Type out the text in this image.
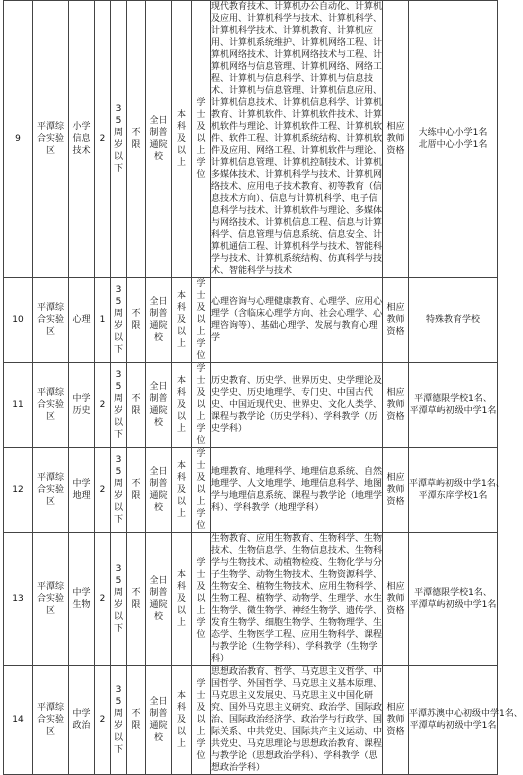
9	平潭综合实验区	小学信息技术	2	35周岁以下	不限	全日制普通院校	本科及以上	学士及以上学位	现代教育技术、计算机办公自动化、计算机及应用、计算机科学与技术、计算机科学、计算机科学技术、计算机教育、计算机应用、计算机系统维护、计算机网络工程、计算机网络技术、计算机网络技术与工程、计算机网络与信息管理、计算机网络、网络工程、计算机与信息科学、计算机与信息技术、计算机与信息管理、计算机信息应用、计算机信息技术、计算机信息科学、计算机教育、计算机软件、计算机软件技术、计算机软件与理论、计算机软件工程、计算机软件、软件工程、计算机系统结构、计算机软件及应用、网络工程、计算机软件与理论、计算机信息管理、计算机控制技术、计算机多媒体技术、计算机科学与技术、计算机网络技术、应用电子技术教育、初等教育（信息技术方向）、信息与计算机科学、电子信息科学与技术、计算机软件与理论、多媒体与网络技术、计算机信息工程、信息与计算科学、信息管理与信息系统、信息安全、计算机通信工程、计算机科学与技术、智能科学与技术、计算机系统结构、仿真科学与技术、智能科学与技术	相应教师资格	大练中心小学1名
北厝中心小学1名

10	平潭综合实验区	心理	1	35周岁以下	不限	全日制普通院校	本科及以上	学士及以上学位	心理咨询与心理健康教育、心理学、应用心理学（含临床心理学方向、社会心理学、心理咨询等）、基础心理学、发展与教育心理学	相应教师资格	特殊教育学校

11	平潭综合实验区	中学历史	2	35周岁以下	不限	全日制普通院校	本科及以上	学士及以上学位	历史教育、历史学、世界历史、史学理论及史学史、历史地理学、专门史、中国古代史、中国近现代史、世界史、文化人类学、课程与教学论（历史学科）、学科教学（历史学科）	相应教师资格	平潭德限学校1名、
平潭草屿初级中学1名

12	平潭综合实验区	中学地理	2	35周岁以下	不限	全日制普通院校	本科及以上	学士及以上学位	地理教育、地理科学、地理信息系统、自然地理学、人文地理学、地理信息科学、地图学与地理信息系统、课程与教学论（地理学科）、学科教学（地理学科）	相应教师资格	平潭草屿初级中学1名、
平潭东庠学校1名

13	平潭综合实验区	中学生物	2	35周岁以下	不限	全日制普通院校	本科及以上	学士及以上学位	生物教育、应用生物教育、生物科学、生物技术、生物信息学、生物信息技术、生物科学与生物技术、动植物检疫、生物化学与分子生物学、动物生物技术、生物资源科学、生物安全、植物生物技术、应用生物科学、生物工程、植物学、动物学、生理学、水生生物学、微生物学、神经生物学、遗传学、发育生物学、细胞生物学、生物物理学、生态学、生物医学工程、应用生物科学、课程与教学论（生物学科）、学科教学（生物学科）	相应教师资格	平潭德限学校1名、
平潭草屿初级中学1名

14	平潭综合实验区	中学政治	2	35周岁以下	不限	全日制普通院校	本科及以上	学士及以上学位	思想政治教育、哲学、马克思主义哲学、中国哲学、外国哲学、马克思主义基本原理、马克思主义发展史、马克思主义中国化研究、国外马克思主义研究、政治学、国际政治、国际政治经济学、政治学与行政学、国际关系、中共党史、国际共产主义运动、中共党史、马克思理论与思想政治教育、课程与教学论（思想政治学科）、学科教学（思想政治学科）	相应教师资格	平潭苏澳中心初级中学1名、
平潭草屿初级中学1名
